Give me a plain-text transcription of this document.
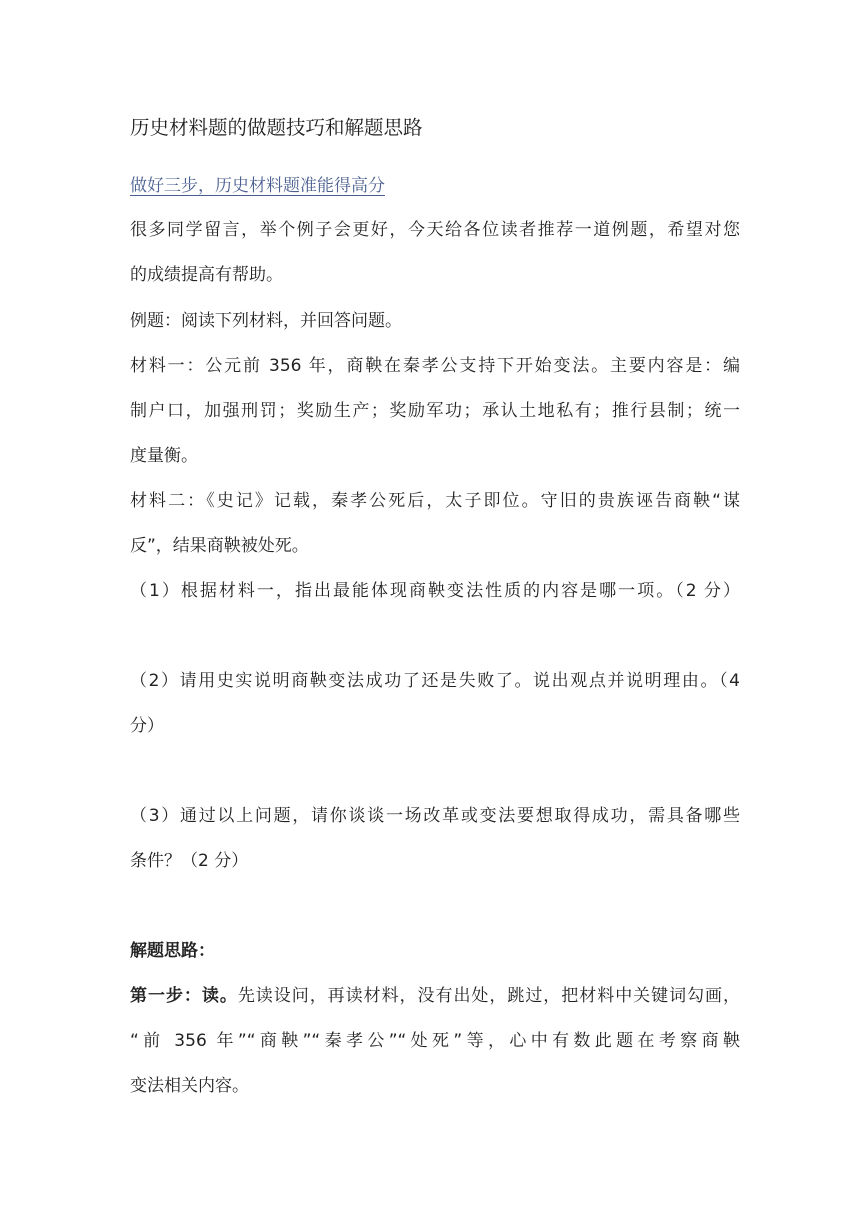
历史材料题的做题技巧和解题思路
做好三步，历史材料题准能得高分
很多同学留言，举个例子会更好，今天给各位读者推荐一道例题，希望对您
的成绩提高有帮助。
例题：阅读下列材料，并回答问题。
材料一：公元前 356 年，商鞅在秦孝公支持下开始变法。主要内容是：编
制户口，加强刑罚；奖励生产；奖励军功；承认土地私有；推行县制；统一
度量衡。
材料二：《史记》记载，秦孝公死后，太子即位。守旧的贵族诬告商鞅“谋
反”，结果商鞅被处死。
（1）根据材料一，指出最能体现商鞅变法性质的内容是哪一项。（2 分）
（2）请用史实说明商鞅变法成功了还是失败了。说出观点并说明理由。（4
分）
（3）通过以上问题，请你谈谈一场改革或变法要想取得成功，需具备哪些
条件？（2 分）
解题思路：
第一步：读。先读设问，再读材料，没有出处，跳过，把材料中关键词勾画，
“前 356 年”“商鞅”“秦孝公”“处死”等，心中有数此题在考察商鞅
变法相关内容。
